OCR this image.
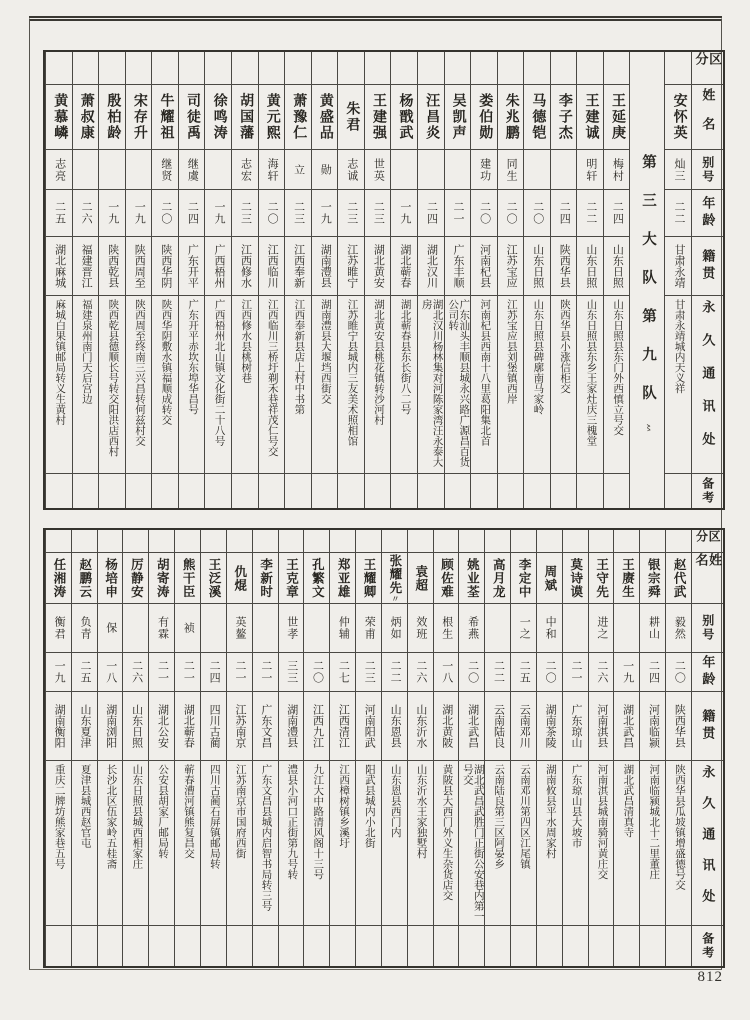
区分
姓名
别号
年龄
籍贯
永久通讯处
备考
安怀英
灿三
二二
甘肃永靖
甘肃永靖城内天义祥
第三大队第九队〻
王延庚
梅村
二四
山东日照
山东日照县东门外西慎立号交
王建诚
明轩
二二
山东日照
山东日照县东乡王家灶庆三槐堂
李子杰
二四
陕西华县
陕西华县小涨信柜交
马德铠
二〇
山东日照
山东日照县碑廓南马家岭
朱兆鹏
同生
二〇
江苏宝应
江苏宝应县刘堡镇西岸
娄伯勋
建功
二〇
河南杞县
河南杞县西南十八里葛阳集北首
吴凯声
二一
广东丰顺
广东汕头丰顺县城永兴路广源昌百货公司转
汪昌炎
二四
湖北汉川
湖北汉川杨林集对河陈家湾汪永泰大房
杨戬武
一九
湖北蕲春
湖北蕲春县东长街八二号
王建强
世英
二三
湖北黄安
湖北黄安县桃花镇转沙河村
朱君
志诚
二三
江苏睢宁
江苏睢宁县城内三友美术照相馆
黄盛品
勋
一九
湖南澧县
湖南澧县大堰垱西街交
萧豫仁
立
二三
江西奉新
江西奉新县店上村中书第
黄元熙
海轩
二〇
江西临川
江西临川三桥圩剃禾巷祥茂仁号交
胡国藩
志宏
二三
江西修水
江西修水县桃树巷
徐鸣涛
一九
广西梧州
广西梧州北山镇文化街二十八号
司徒禹
继虞
二四
广东开平
广东开平赤坎东埠华昌号
牛耀祖
继贤
二〇
陕西华阴
陕西华阴敷水镇福顺成转交
宋存升
一九
陕西周至
陕西周至终南三兴昌转何兹村交
殷柏龄
一九
陕西乾县
陕西乾县德顺长号转交阳洪店西村
萧叔康
二六
福建晋江
福建泉州南门天后宫边
黄慕嶙
志亮
二五
湖北麻城
麻城白果镇邮局转义生黄村
区分
姓名
别号
年龄
籍贯
永久通讯处
备考
赵代武
毅然
二〇
陕西华县
陕西华县瓜坡镇增盛德号交
银宗舜
耕山
二四
河南临颍
河南临颍城北十二里董庄
王赓生
一九
湖北武昌
湖北武昌清真寺
王守先
进之
二六
河南淇县
河南淇县城南骑河黄庄交
莫诗谟
二一
广东琼山
广东琼山县大坡市
周斌
中和
二〇
湖南茶陵
湖南攸县平水周家村
李定中
一之
二五
云南邓川
云南邓川第四区江尾镇
高月龙
二二
云南陆良
云南陆良第三区阿晏乡
姚业荃
希燕
二〇
湖北武昌
湖北武昌武胜门正街公安巷内第一号交
顾佐难
根生
一八
湖北黄陂
黄陂县大西门外义生杂货店交
袁超
效班
二六
山东沂水
山东沂水王家独墅村
张耀先〃
炳如
二二
山东恩县
山东恩县西门内
王耀卿
荣甫
二三
河南阳武
阳武县城内小北街
郑亚雄
仲辅
二七
江西清江
江西樟树镇乡溪圩
孔繁文
二〇
江西九江
九江大中路清风阁十三号
王克章
世孝
三三
湖南澧县
澧县小河口正街第九号转
李新时
二一
广东文昌
广东文昌县城内启智书局转三号
仇焜
英鳌
二一
江苏南京
江苏南京市国府西街
王泛溪
二四
四川古蔺
四川古蔺石屏镇邮局转
熊干臣
祯
二一
湖北蕲春
蕲春漕河镇熊复昌交
胡寄涛
有霖
二一
湖北公安
公安县胡家厂邮局转
厉静安
二六
山东日照
山东日照县城西相家庄
杨培申
保
一八
湖南浏阳
长沙北区伍家岭五桂斋
赵鹏云
负青
二五
山东夏津
夏津县城西赵官屯
任湘涛
衡君
一九
湖南衡阳
重庆二牌坊熊家巷五号
812
